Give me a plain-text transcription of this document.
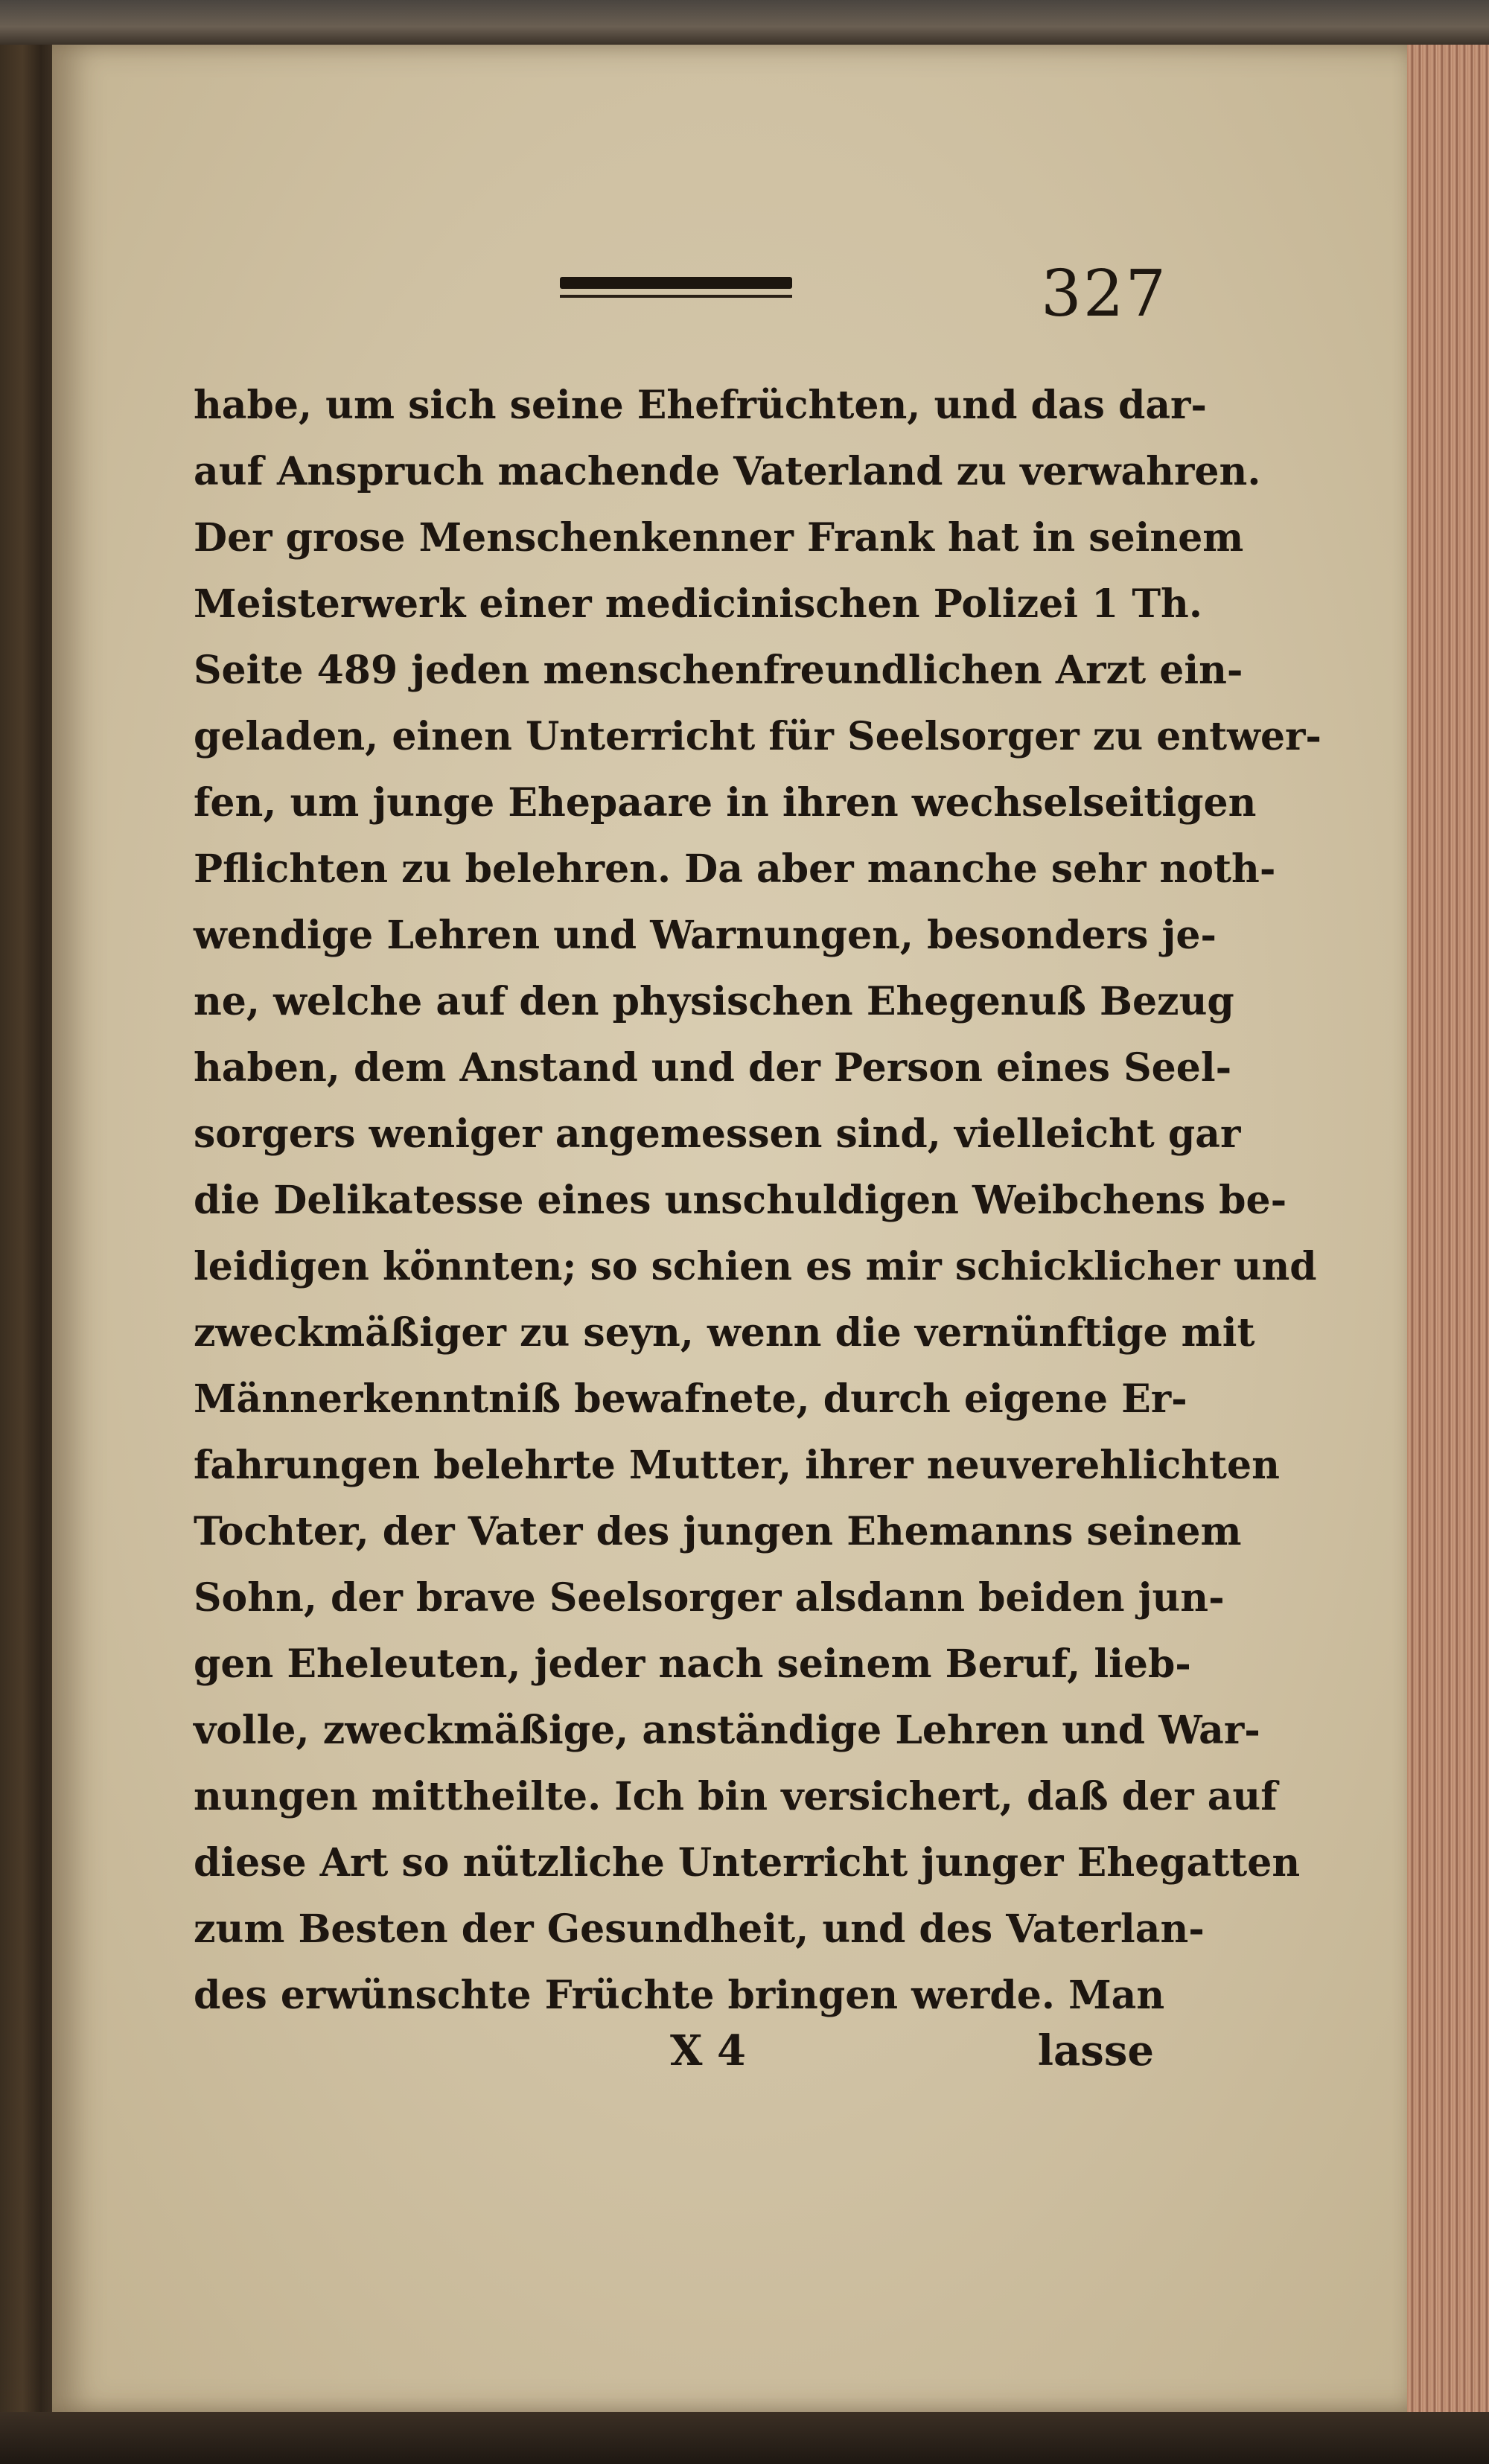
327
habe, um sich seine Ehefrüchten, und das dar-
auf Anspruch machende Vaterland zu verwahren.
Der grose Menschenkenner Frank hat in seinem
Meisterwerk einer medicinischen Polizei 1 Th.
Seite 489 jeden menschenfreundlichen Arzt ein-
geladen, einen Unterricht für Seelsorger zu entwer-
fen, um junge Ehepaare in ihren wechselseitigen
Pflichten zu belehren. Da aber manche sehr noth-
wendige Lehren und Warnungen, besonders je-
ne, welche auf den physischen Ehegenuß Bezug
haben, dem Anstand und der Person eines Seel-
sorgers weniger angemessen sind, vielleicht gar
die Delikatesse eines unschuldigen Weibchens be-
leidigen könnten; so schien es mir schicklicher und
zweckmäßiger zu seyn, wenn die vernünftige mit
Männerkenntniß bewafnete, durch eigene Er-
fahrungen belehrte Mutter, ihrer neuverehlichten
Tochter, der Vater des jungen Ehemanns seinem
Sohn, der brave Seelsorger alsdann beiden jun-
gen Eheleuten, jeder nach seinem Beruf, lieb-
volle, zweckmäßige, anständige Lehren und War-
nungen mittheilte. Ich bin versichert, daß der auf
diese Art so nützliche Unterricht junger Ehegatten
zum Besten der Gesundheit, und des Vaterlan-
des erwünschte Früchte bringen werde. Man
X 4	lasse
